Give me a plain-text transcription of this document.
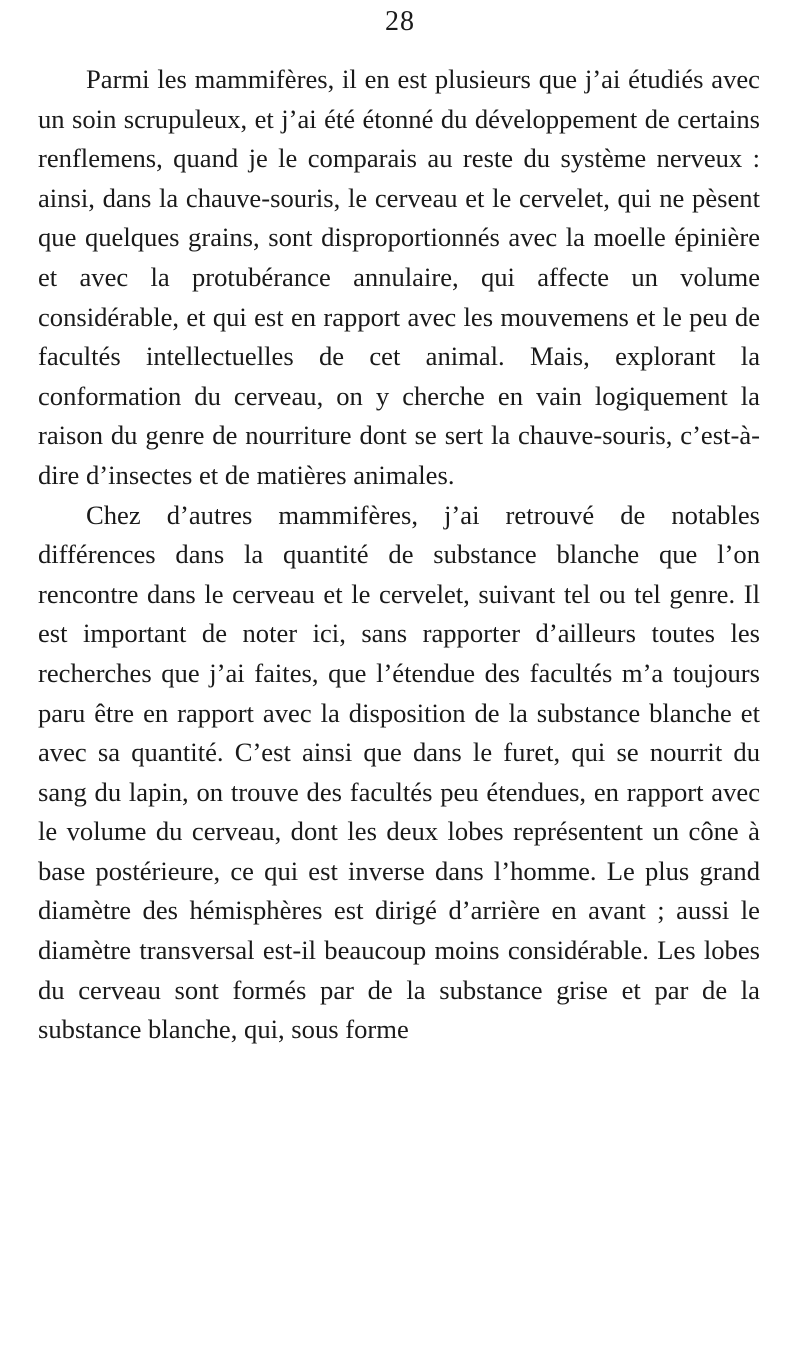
28

Parmi les mammifères, il en est plusieurs que j’ai étudiés avec un soin scrupuleux, et j’ai été étonné du développement de certains renflemens, quand je le comparais au reste du système nerveux : ainsi, dans la chauve-souris, le cerveau et le cervelet, qui ne pèsent que quelques grains, sont disproportionnés avec la moelle épinière et avec la protubérance annulaire, qui affecte un volume considérable, et qui est en rapport avec les mouvemens et le peu de facultés intellectuelles de cet animal. Mais, explorant la conformation du cerveau, on y cherche en vain logiquement la raison du genre de nourriture dont se sert la chauve-souris, c’est-à-dire d’insectes et de matières animales.

Chez d’autres mammifères, j’ai retrouvé de notables différences dans la quantité de substance blanche que l’on rencontre dans le cerveau et le cervelet, suivant tel ou tel genre. Il est important de noter ici, sans rapporter d’ailleurs toutes les recherches que j’ai faites, que l’étendue des facultés m’a toujours paru être en rapport avec la disposition de la substance blanche et avec sa quantité. C’est ainsi que dans le furet, qui se nourrit du sang du lapin, on trouve des facultés peu étendues, en rapport avec le volume du cerveau, dont les deux lobes représentent un cône à base postérieure, ce qui est inverse dans l’homme. Le plus grand diamètre des hémisphères est dirigé d’arrière en avant ; aussi le diamètre transversal est-il beaucoup moins considérable. Les lobes du cerveau sont formés par de la substance grise et par de la substance blanche, qui, sous forme
